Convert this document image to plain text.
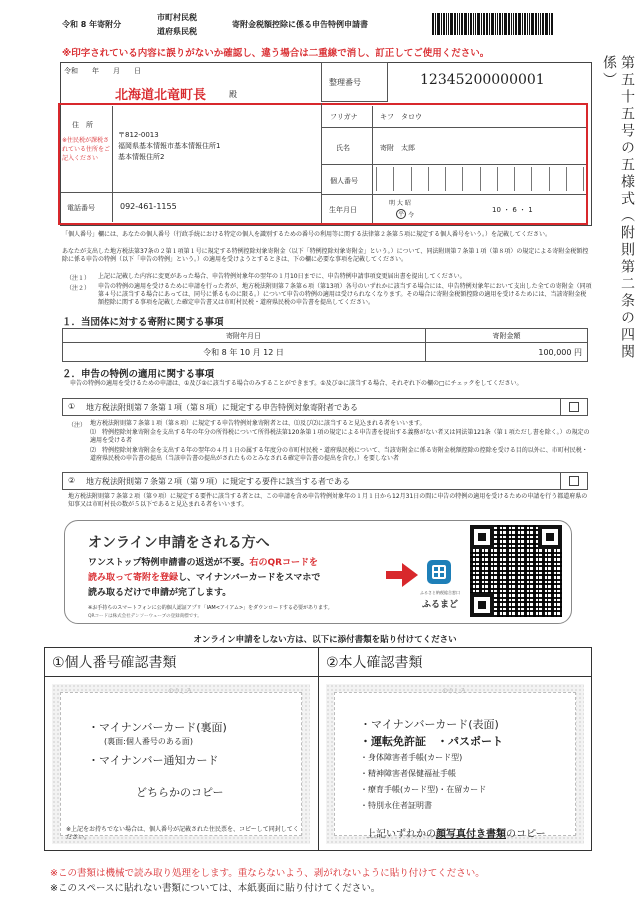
令和 8 年寄附分
市町村民税
道府県民税
寄附金税額控除に係る申告特例申請書
※印字されている内容に誤りがないか確認し、違う場合は二重線で消し、訂正してご使用ください。
第五十五号の五様式（附則第二条の四関係）
令和　　年　　月　　日
北海道北竜町長	殿
整理番号	12345200000001
住　所
※住民税が課税されている住所をご記入ください
〒812-0013
福岡県基本情報市基本情報住所1
基本情報住所2
電話番号	092-461-1155
フリガナ	キフ　タロウ
氏名	寄附　太郎
個人番号
生年月日
明 大 昭
平 令
10 ・ 6 ・ 1
「個人番号」欄には、あなたの個人番号（行政手続における特定の個人を識別するための番号の利用等に関する法律第２条第５項に規定する個人番号をいう。）を記載してください。
あなたが支出した地方税法第37条の２第１項第１号に規定する特例控除対象寄附金（以下「特例控除対象寄附金」という。）について、同法附則第７条第１項（第８項）の規定による寄附金税額控除に係る申告の特例（以下「申告の特例」という。）の適用を受けようとするときは、下の欄に必要な事項を記載してください。
（注１） 上記に記載した内容に変更があった場合、申告特例対象年の翌年の１月10日までに、申告特例申請事項変更届出書を提出してください。
（注２） 申告の特例の適用を受けるために申請を行った者が、地方税法附則第７条第６項（第13項）各号のいずれかに該当する場合には、申告特例対象年において支出した全ての寄附金（同項第４号に該当する場合にあっては、同号に係るものに限る。）について申告の特例の適用は受けられなくなります。その場合に寄附金税額控除の適用を受けるためには、当該寄附金税額控除に関する事項を記載した確定申告書又は市町村民税・道府県民税の申告書を提出してください。
１．当団体に対する寄附に関する事項
寄附年月日	寄附金額
令和 8 年 10 月 12 日	100,000 円
２．申告の特例の適用に関する事項
申告の特例の適用を受けるための申請は、①及び②に該当する場合のみすることができます。①及び②に該当する場合、それぞれ下の欄の□にチェックをしてください。
① 地方税法附則第７条第１項（第８項）に規定する申告特例対象寄附者である
（注） 地方税法附則第７条第１項（第８項）に規定する申告特例対象寄附者とは、⑴及び⑵に該当すると見込まれる者をいいます。
⑴　特例控除対象寄附金を支出する年の年分の所得税について所得税法第120条第１項の規定による申告書を提出する義務がない者又は同法第121条（第１項ただし書を除く。）の規定の適用を受ける者
⑵　特例控除対象寄附金を支出する年の翌年の４月１日の属する年度分の市町村民税・道府県民税について、当該寄附金に係る寄附金税額控除の控除を受ける目的以外に、市町村民税・道府県民税の申告書の提出（当該申告書の提出がされたものとみなされる確定申告書の提出を含む。）を要しない者
② 地方税法附則第７条第２項（第９項）に規定する要件に該当する者である
地方税法附則第７条第２項（第９項）に規定する要件に該当する者とは、この申請を含め申告特例対象年の１月１日から12月31日の間に申告の特例の適用を受けるための申請を行う都道府県の知事又は市町村長の数が５以下であると見込まれる者をいいます。
オンライン申請をされる方へ
ワンストップ特例申請書の返送が不要。右のQRコードを
読み取って寄附を登録し、マイナンバーカードをスマホで
読み取るだけで申請が完了します。
※お手持ちのスマートフォンに公的個人認証アプリ「IAM<アイアム>」をダウンロードする必要があります。
QRコードは株式会社デンソーウェーブの登録商標です。
ふるさと納税総合窓口
ふるまど
オンライン申請をしない方は、以下に添付書類を貼り付けてください
①個人番号確認書類
のりしろ
・マイナンバーカード(裏面)
(裏面:個人番号のある面)
・マイナンバー通知カード
どちらかのコピー
※上記をお持ちでない場合は、個人番号が記載された住民票を、コピーして同封してください。
②本人確認書類
のりしろ
・マイナンバーカード(表面)
・運転免許証　・パスポート
・身体障害者手帳(カード型)
・精神障害者保健福祉手帳
・療育手帳(カード型)・在留カード
・特別永住者証明書
上記いずれかの顔写真付き書類のコピー
※この書類は機械で読み取り処理をします。重ならないよう、剥がれないように貼り付けてください。
※このスペースに貼れない書類については、本紙裏面に貼り付けてください。
